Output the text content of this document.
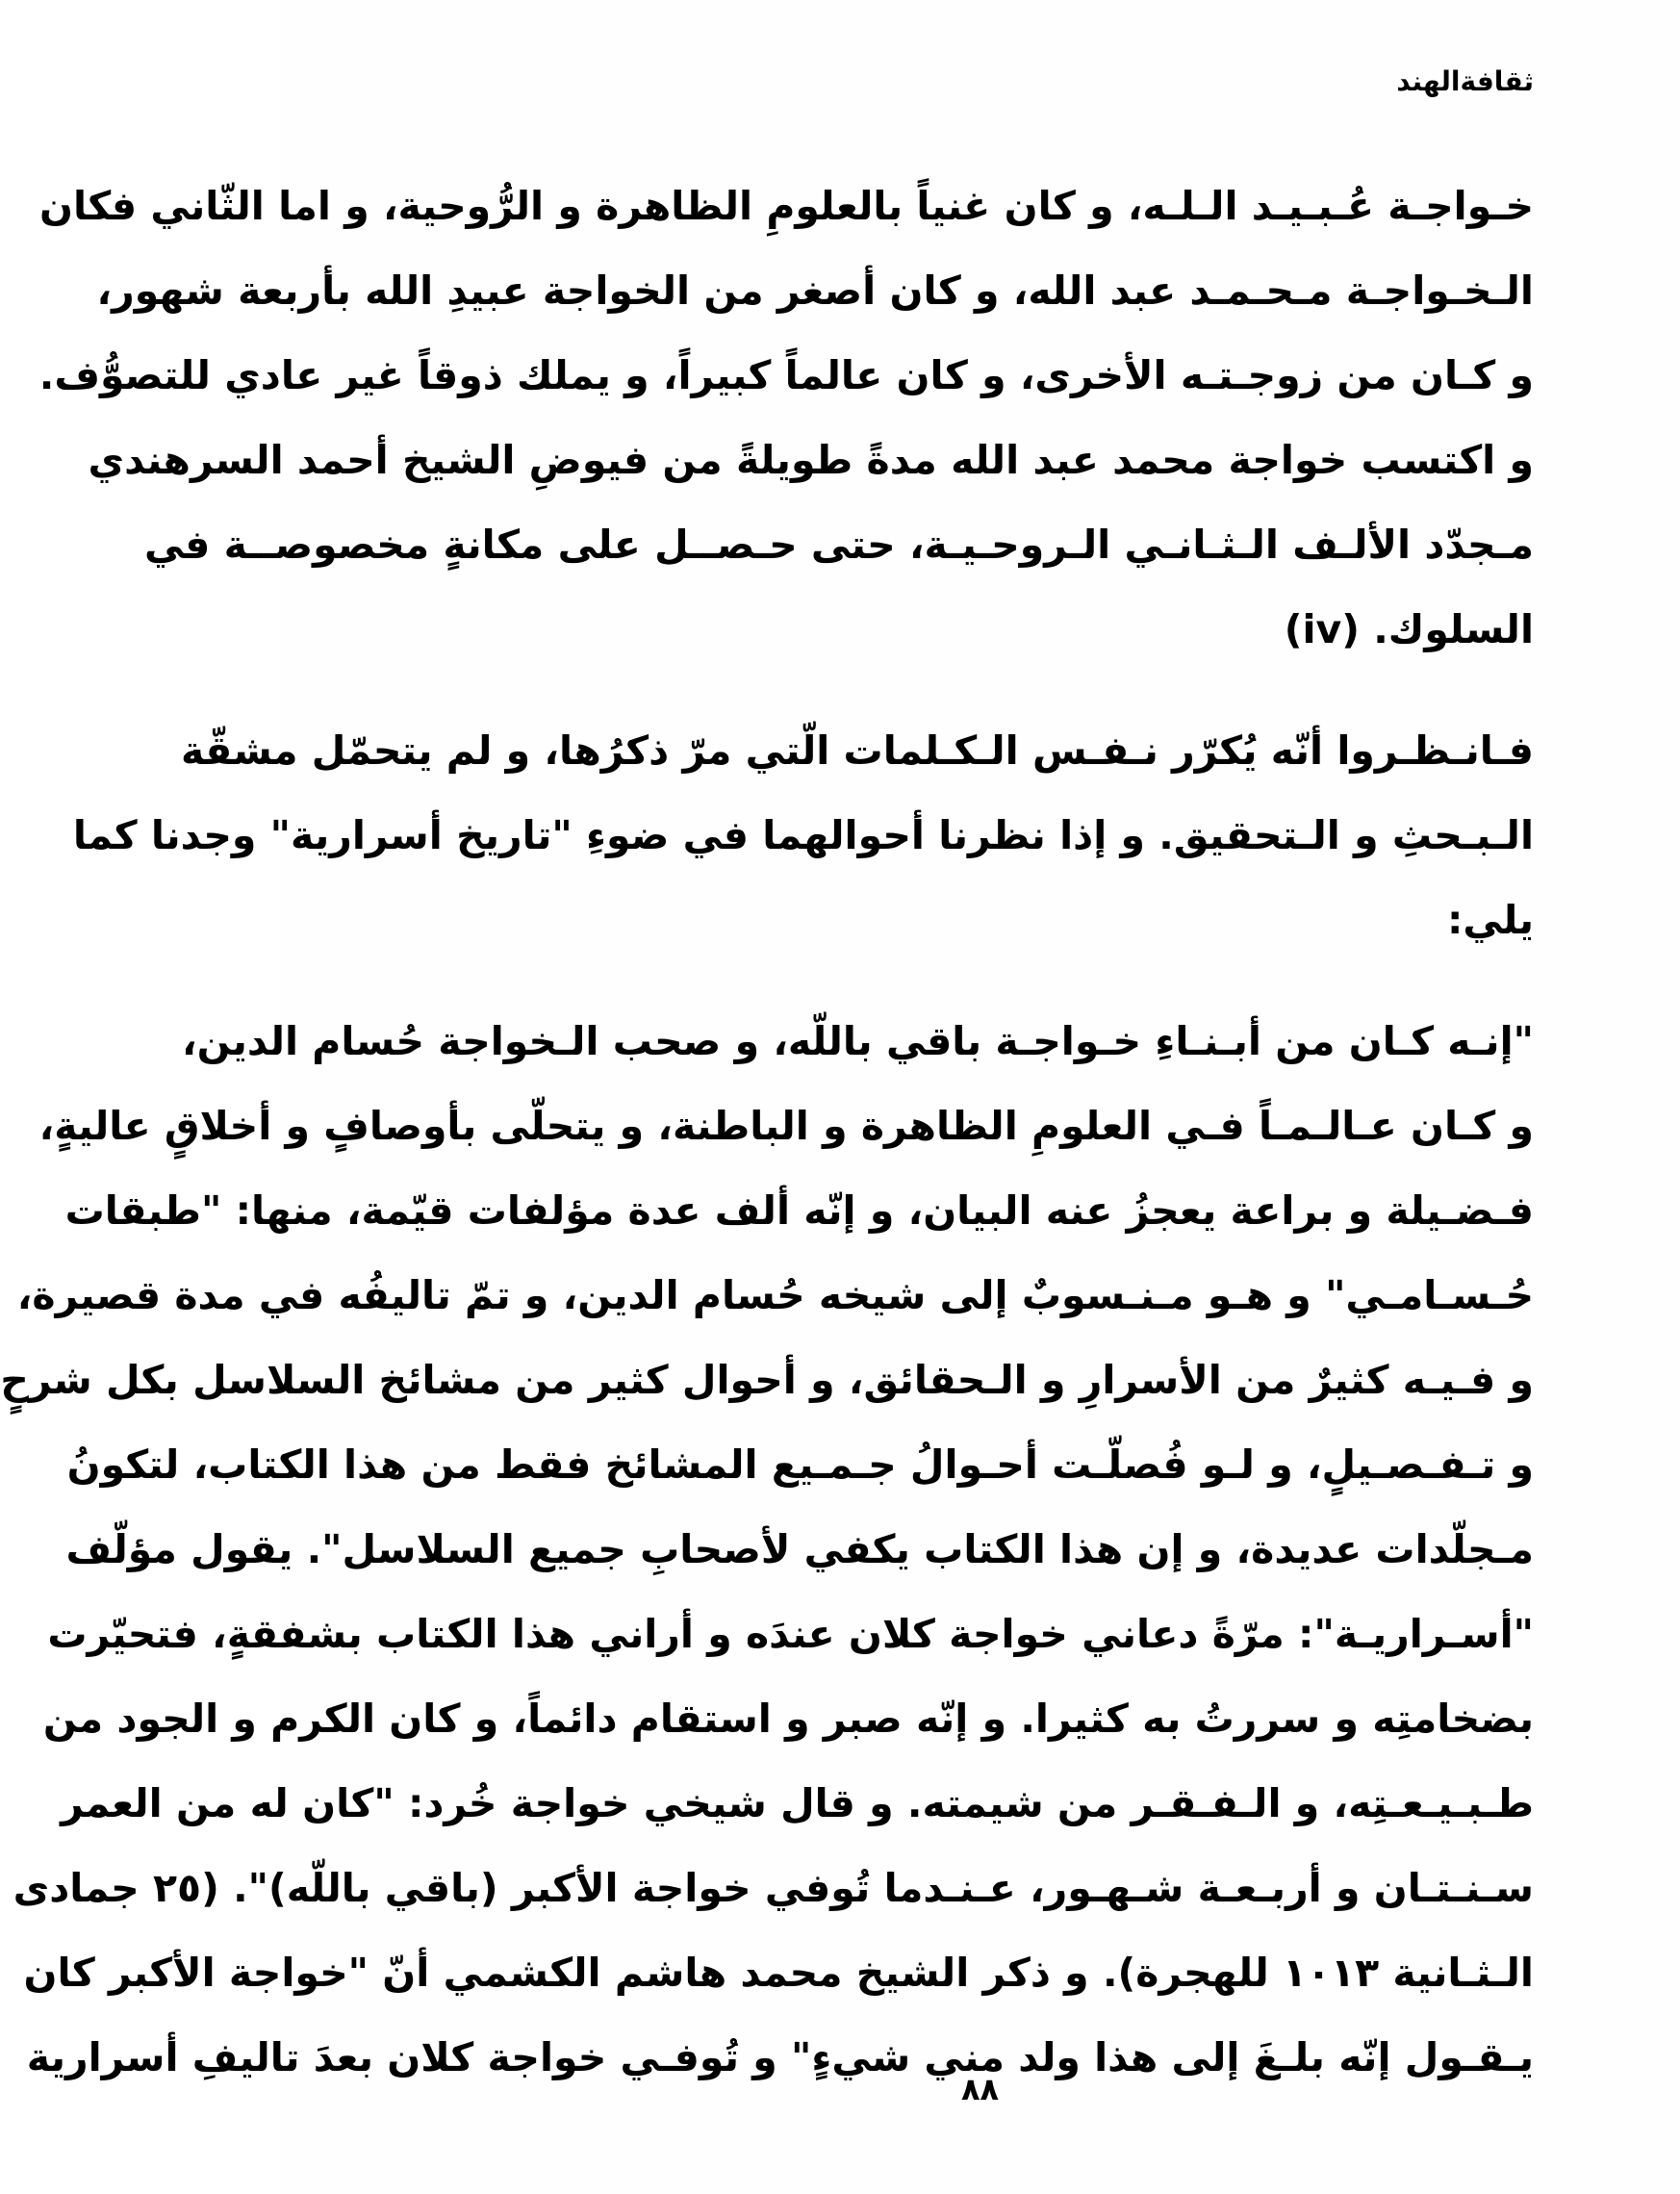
ثقافةالهند
خـواجـة عُـبـيـد الـلـه، و كان غنياً بالعلومِ الظاهرة و الرُّوحية، و اما الثّاني فكان
الـخـواجـة مـحـمـد عبد الله، و كان أصغر من الخواجة عبيدِ الله بأربعة شهور،
و كـان من زوجـتـه الأخرى، و كان عالماً كبيراً، و يملك ذوقاً غير عادي للتصوُّف.
و اكتسب خواجة محمد عبد الله مدةً طويلةً من فيوضِ الشيخ أحمد السرهندي
مـجدّد الألـف الـثـانـي الـروحـيـة، حتى حـصــل على مكانةٍ مخصوصــة في
السلوك. (iv)
فـانـظـروا أنّه يُكرّر نـفـس الـكـلمات الّتي مرّ ذكرُها، و لم يتحمّل مشقّة
الـبـحثِ و الـتحقيق. و إذا نظرنا أحوالهما في ضوءِ "تاريخ أسرارية" وجدنا كما
يلي:
"إنـه كـان من أبـنـاءِ خـواجـة باقي باللّه، و صحب الـخواجة حُسام الدين،
و كـان عـالـمـاً فـي العلومِ الظاهرة و الباطنة، و يتحلّى بأوصافٍ و أخلاقٍ عاليةٍ،
فـضـيلة و براعة يعجزُ عنه البيان، و إنّه ألف عدة مؤلفات قيّمة، منها: "طبقات
حُـسـامـي" و هـو مـنـسوبٌ إلى شيخه حُسام الدين، و تمّ تاليفُه في مدة قصيرة،
و فـيـه كثيرٌ من الأسرارِ و الـحقائق، و أحوال كثير من مشائخ السلاسل بكل شرحٍ
و تـفـصـيلٍ، و لـو فُصلّـت أحـوالُ جـمـيع المشائخ فقط من هذا الكتاب، لتكونُ
مـجلّدات عديدة، و إن هذا الكتاب يكفي لأصحابِ جميع السلاسل". يقول مؤلّف
"أسـراريـة": مرّةً دعاني خواجة كلان عندَه و أراني هذا الكتاب بشفقةٍ، فتحيّرت
بضخامتِه و سررتُ به كثيرا. و إنّه صبر و استقام دائماً، و كان الكرم و الجود من
طـبـيـعـتِه، و الـفـقـر من شيمته. و قال شيخي خواجة خُرد: "كان له من العمر
سـنـتـان و أربـعـة شـهـور، عـنـدما تُوفي خواجة الأكبر (باقي باللّه)". (٢٥ جمادى
الـثـانية ١٠١٣ للهجرة). و ذكر الشيخ محمد هاشم الكشمي أنّ "خواجة الأكبر كان
يـقـول إنّه بلـغَ إلى هذا ولد مني شيءٍ" و تُوفـي خواجة كلان بعدَ تاليفِ أسرارية
٨٨
